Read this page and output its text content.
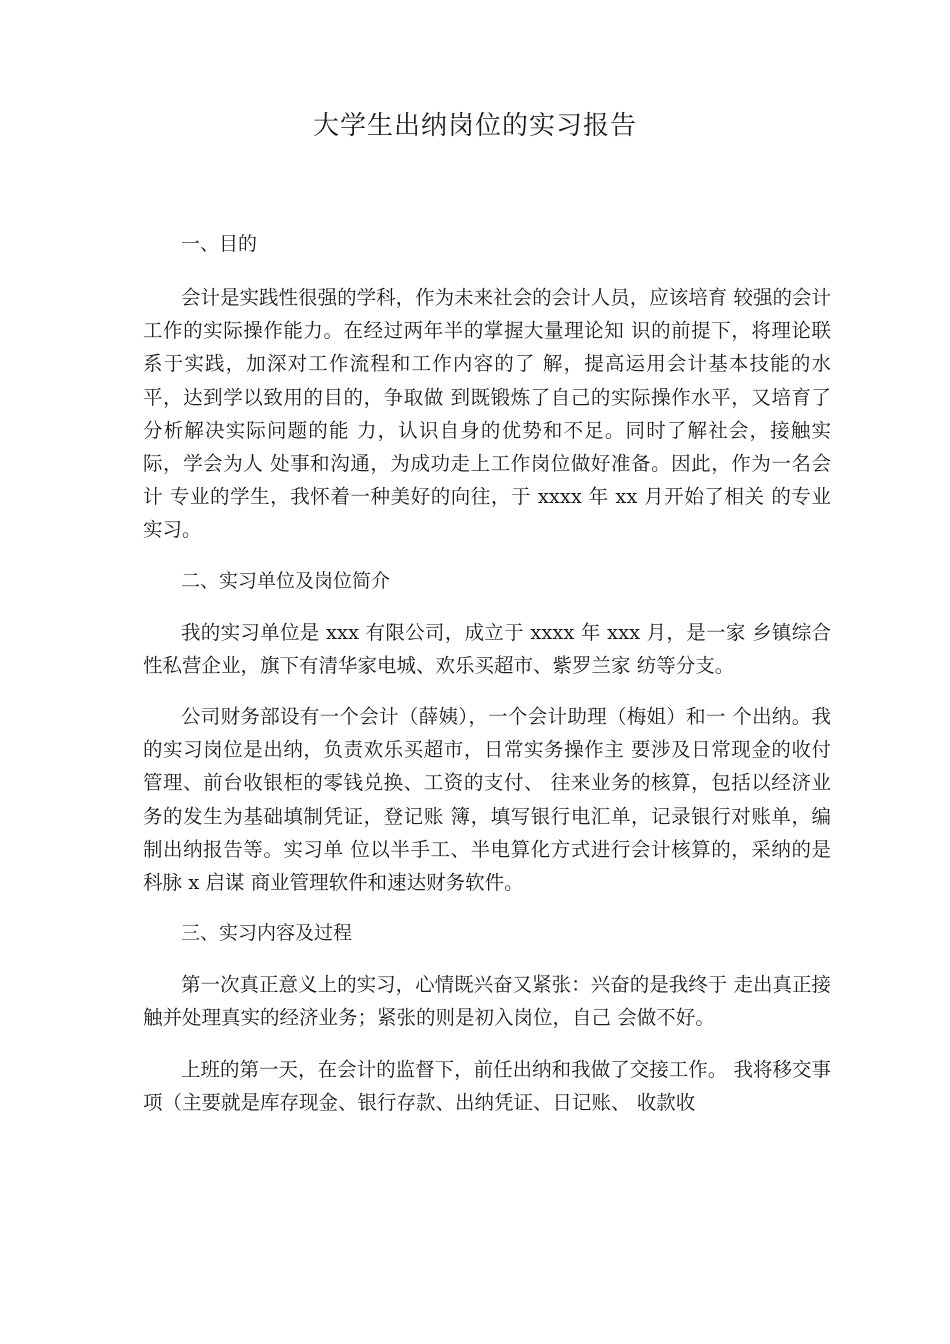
大学生出纳岗位的实习报告

一、目的

会计是实践性很强的学科，作为未来社会的会计人员，应该培育 较强的会计工作的实际操作能力。在经过两年半的掌握大量理论知 识的前提下，将理论联系于实践，加深对工作流程和工作内容的了 解，提高运用会计基本技能的水平，达到学以致用的目的，争取做 到既锻炼了自己的实际操作水平，又培育了分析解决实际问题的能 力，认识自身的优势和不足。同时了解社会，接触实际，学会为人 处事和沟通，为成功走上工作岗位做好准备。因此，作为一名会计 专业的学生，我怀着一种美好的向往，于 xxxx 年 xx 月开始了相关 的专业实习。

二、实习单位及岗位简介

我的实习单位是 xxx 有限公司，成立于 xxxx 年 xxx 月，是一家 乡镇综合性私营企业，旗下有清华家电城、欢乐买超市、紫罗兰家 纺等分支。

公司财务部设有一个会计（薛姨），一个会计助理（梅姐）和一 个出纳。我的实习岗位是出纳，负责欢乐买超市，日常实务操作主 要涉及日常现金的收付管理、前台收银柜的零钱兑换、工资的支付、 往来业务的核算，包括以经济业务的发生为基础填制凭证，登记账 簿，填写银行电汇单，记录银行对账单，编制出纳报告等。实习单 位以半手工、半电算化方式进行会计核算的，采纳的是科脉 x 启谋 商业管理软件和速达财务软件。

三、实习内容及过程

第一次真正意义上的实习，心情既兴奋又紧张：兴奋的是我终于 走出真正接触并处理真实的经济业务；紧张的则是初入岗位，自己 会做不好。

上班的第一天，在会计的监督下，前任出纳和我做了交接工作。 我将移交事项（主要就是库存现金、银行存款、出纳凭证、日记账、 收款收
